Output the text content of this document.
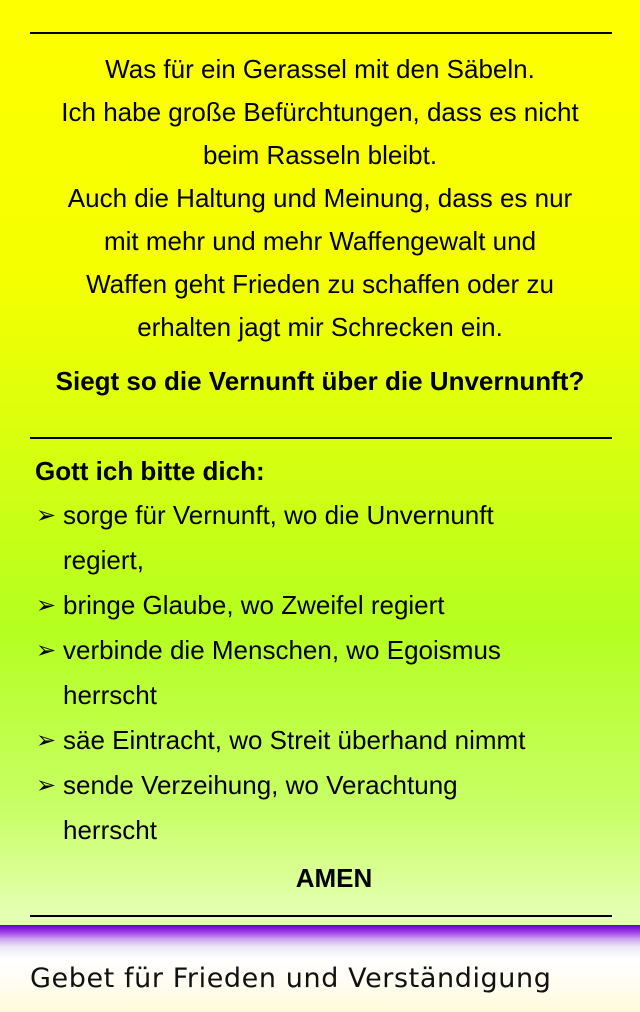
Was für ein Gerassel mit den Säbeln.
Ich habe große Befürchtungen, dass es nicht
beim Rasseln bleibt.
Auch die Haltung und Meinung, dass es nur
mit mehr und mehr Waffengewalt und
Waffen geht Frieden zu schaffen oder zu
erhalten jagt mir Schrecken ein.

Siegt so die Vernunft über die Unvernunft?

Gott ich bitte dich:

➢ sorge für Vernunft, wo die Unvernunft
regiert,
➢ bringe Glaube, wo Zweifel regiert
➢ verbinde die Menschen, wo Egoismus
herrscht
➢ säe Eintracht, wo Streit überhand nimmt
➢ sende Verzeihung, wo Verachtung
herrscht

AMEN

Gebet für Frieden und Verständigung
